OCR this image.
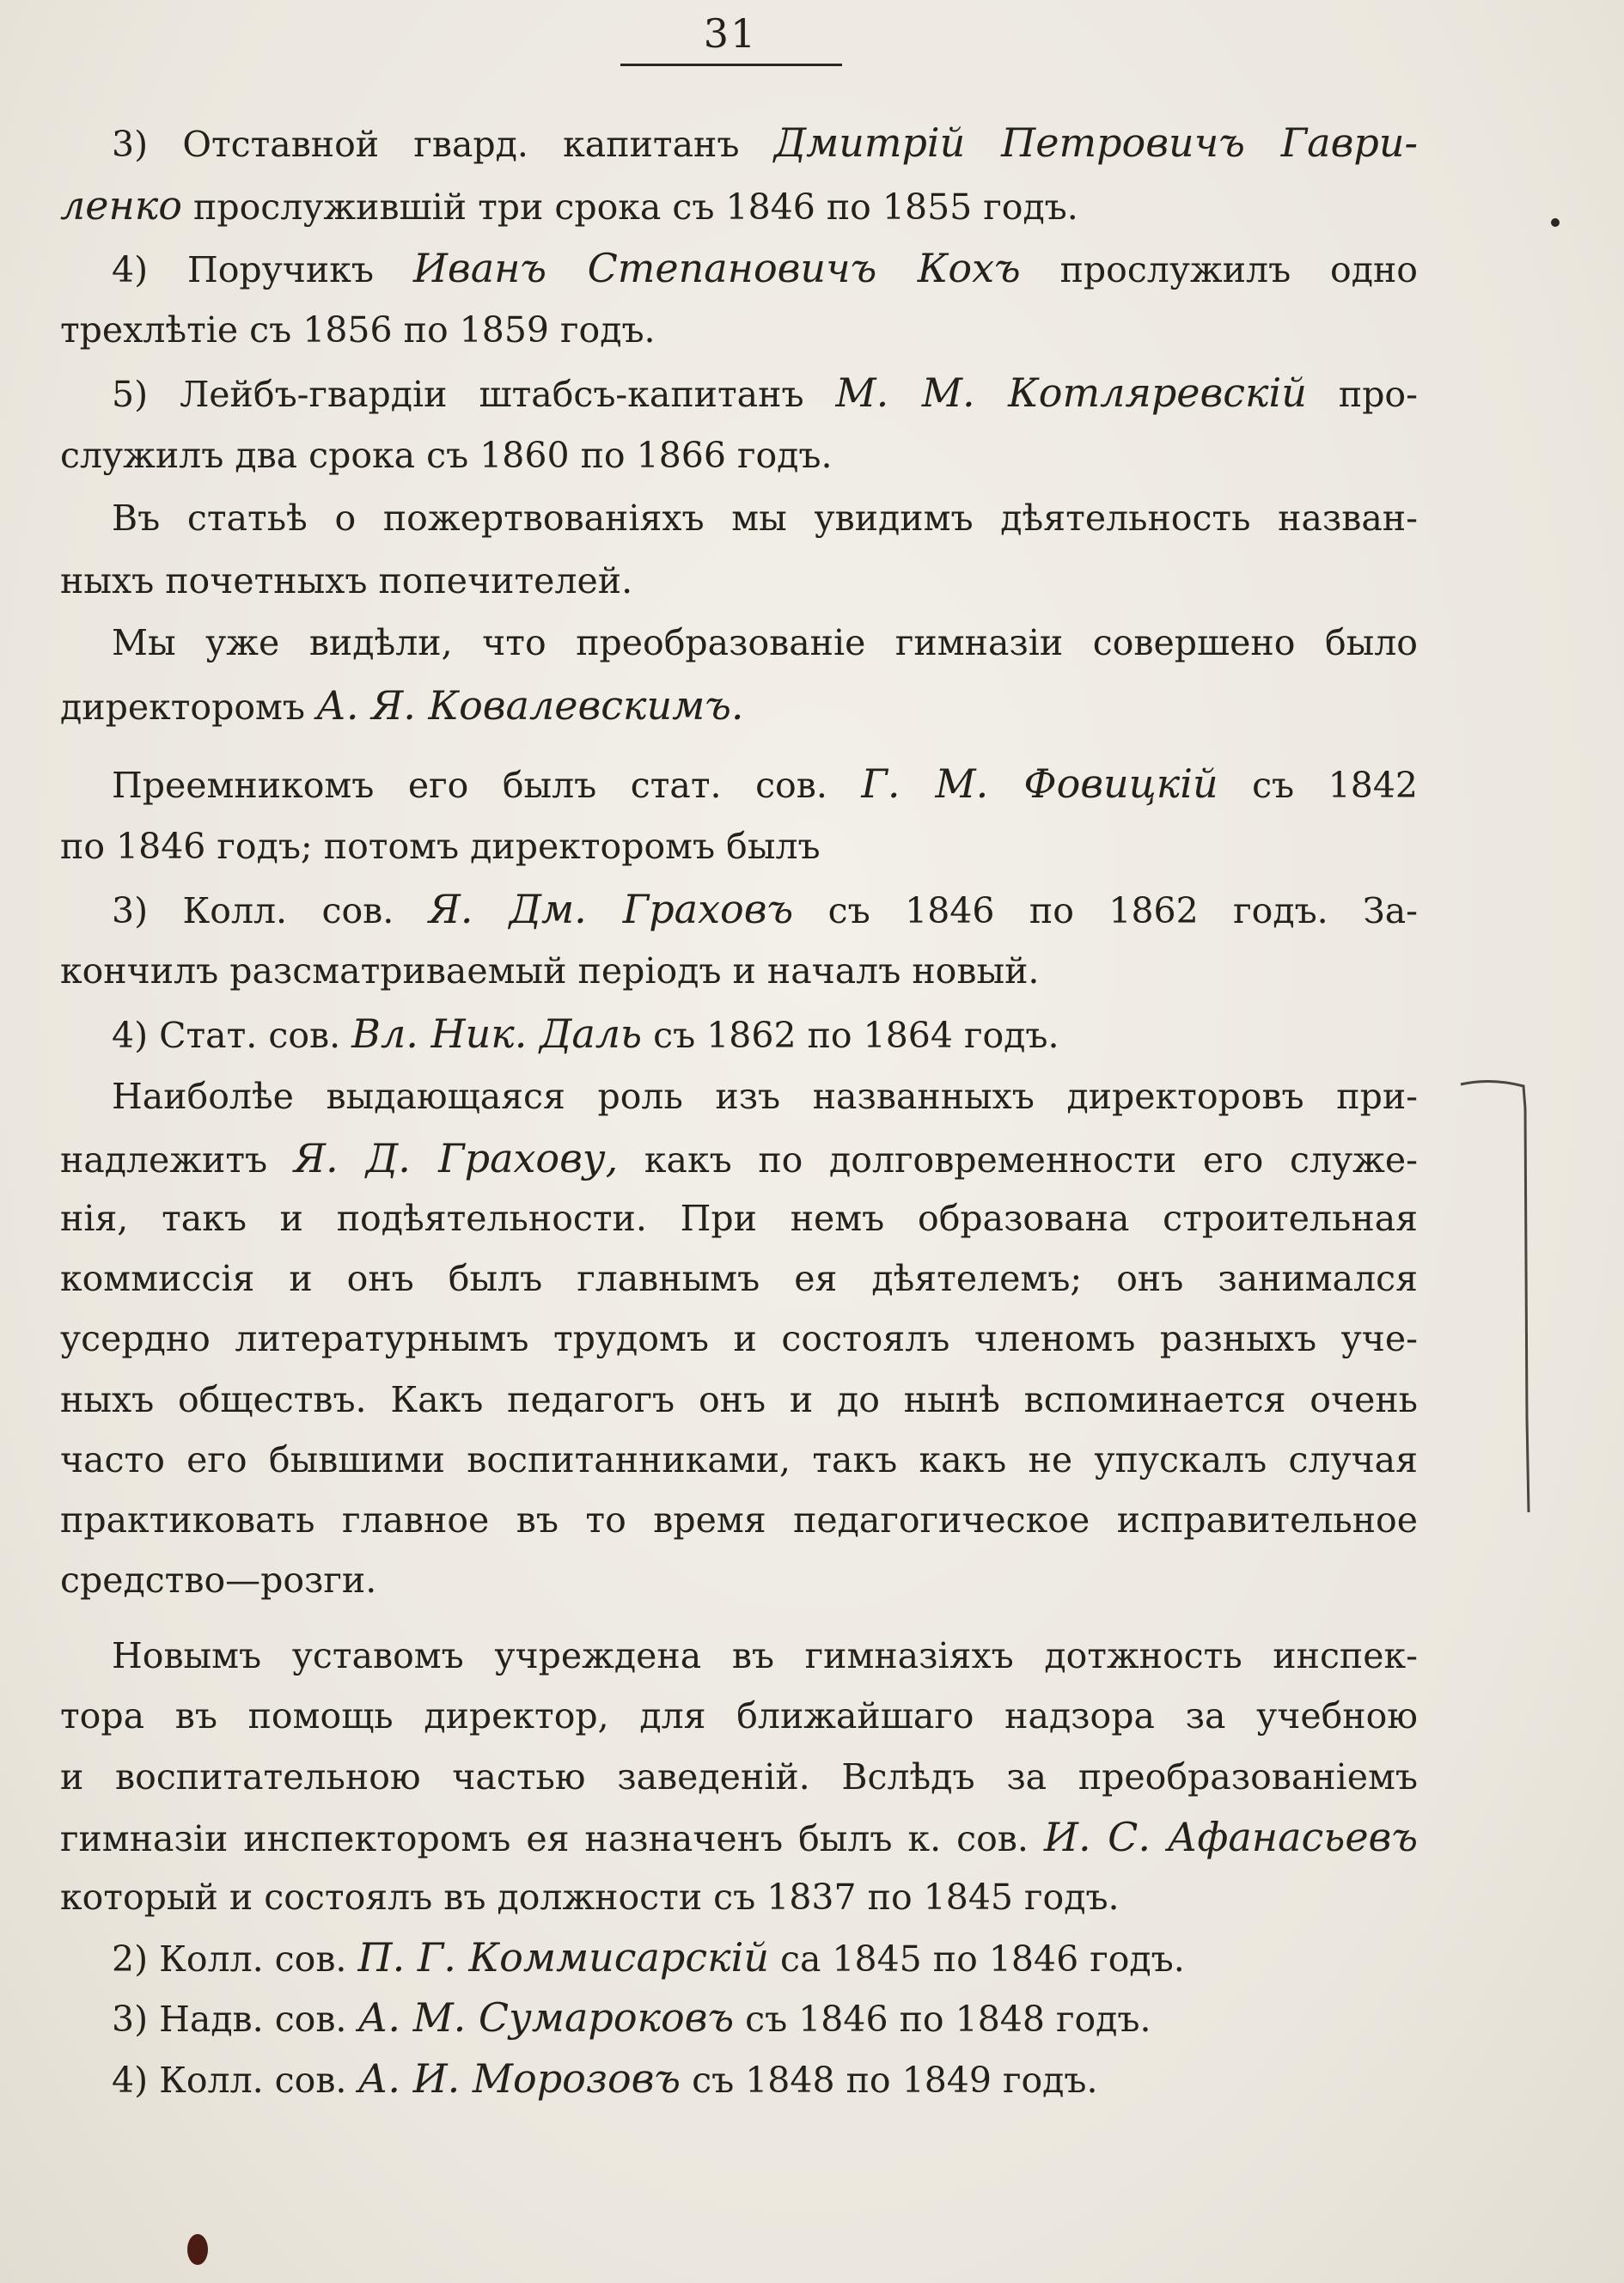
31
3) Отставной гвард. капитанъ Дмитрiй Петровичъ Гаври-
ленко прослужившiй три срока съ 1846 по 1855 годъ.
4) Поручикъ Иванъ Степановичъ Кохъ прослужилъ одно
трехлѣтiе съ 1856 по 1859 годъ.
5) Лейбъ-гвардiи штабсъ-капитанъ М. М. Котляревскiй про-
служилъ два срока съ 1860 по 1866 годъ.
Въ статьѣ о пожертвованiяхъ мы увидимъ дѣятельность назван-
ныхъ почетныхъ попечителей.
Мы уже видѣли, что преобразованiе гимназiи совершено было
директоромъ А. Я. Ковалевскимъ.
Преемникомъ его былъ стат. сов. Г. М. Фовицкiй съ 1842
по 1846 годъ; потомъ директоромъ былъ
3) Колл. сов. Я. Дм. Граховъ съ 1846 по 1862 годъ. За-
кончилъ разсматриваемый перiодъ и началъ новый.
4) Стат. сов. Вл. Ник. Даль съ 1862 по 1864 годъ.
Наиболѣе выдающаяся роль изъ названныхъ директоровъ при-
надлежитъ Я. Д. Грахову, какъ по долговременности его служе-
нiя, такъ и подѣятельности. При немъ образована строительная
коммиссiя и онъ былъ главнымъ ея дѣятелемъ; онъ занимался
усердно литературнымъ трудомъ и состоялъ членомъ разныхъ уче-
ныхъ обществъ. Какъ педагогъ онъ и до нынѣ вспоминается очень
часто его бывшими воспитанниками, такъ какъ не упускалъ случая
практиковать главное въ то время педагогическое исправительное
средство—розги.
Новымъ уставомъ учреждена въ гимназiяхъ дотжность инспек-
тора въ помощь директор, для ближайшаго надзора за учебною
и воспитательною частью заведенiй. Вслѣдъ за преобразованiемъ
гимназiи инспекторомъ ея назначенъ былъ к. сов. И. С. Афанасьевъ
который и состоялъ въ должности съ 1837 по 1845 годъ.
2) Колл. сов. П. Г. Коммисарскiй са 1845 по 1846 годъ.
3) Надв. сов. А. М. Сумароковъ съ 1846 по 1848 годъ.
4) Колл. сов. А. И. Морозовъ съ 1848 по 1849 годъ.
